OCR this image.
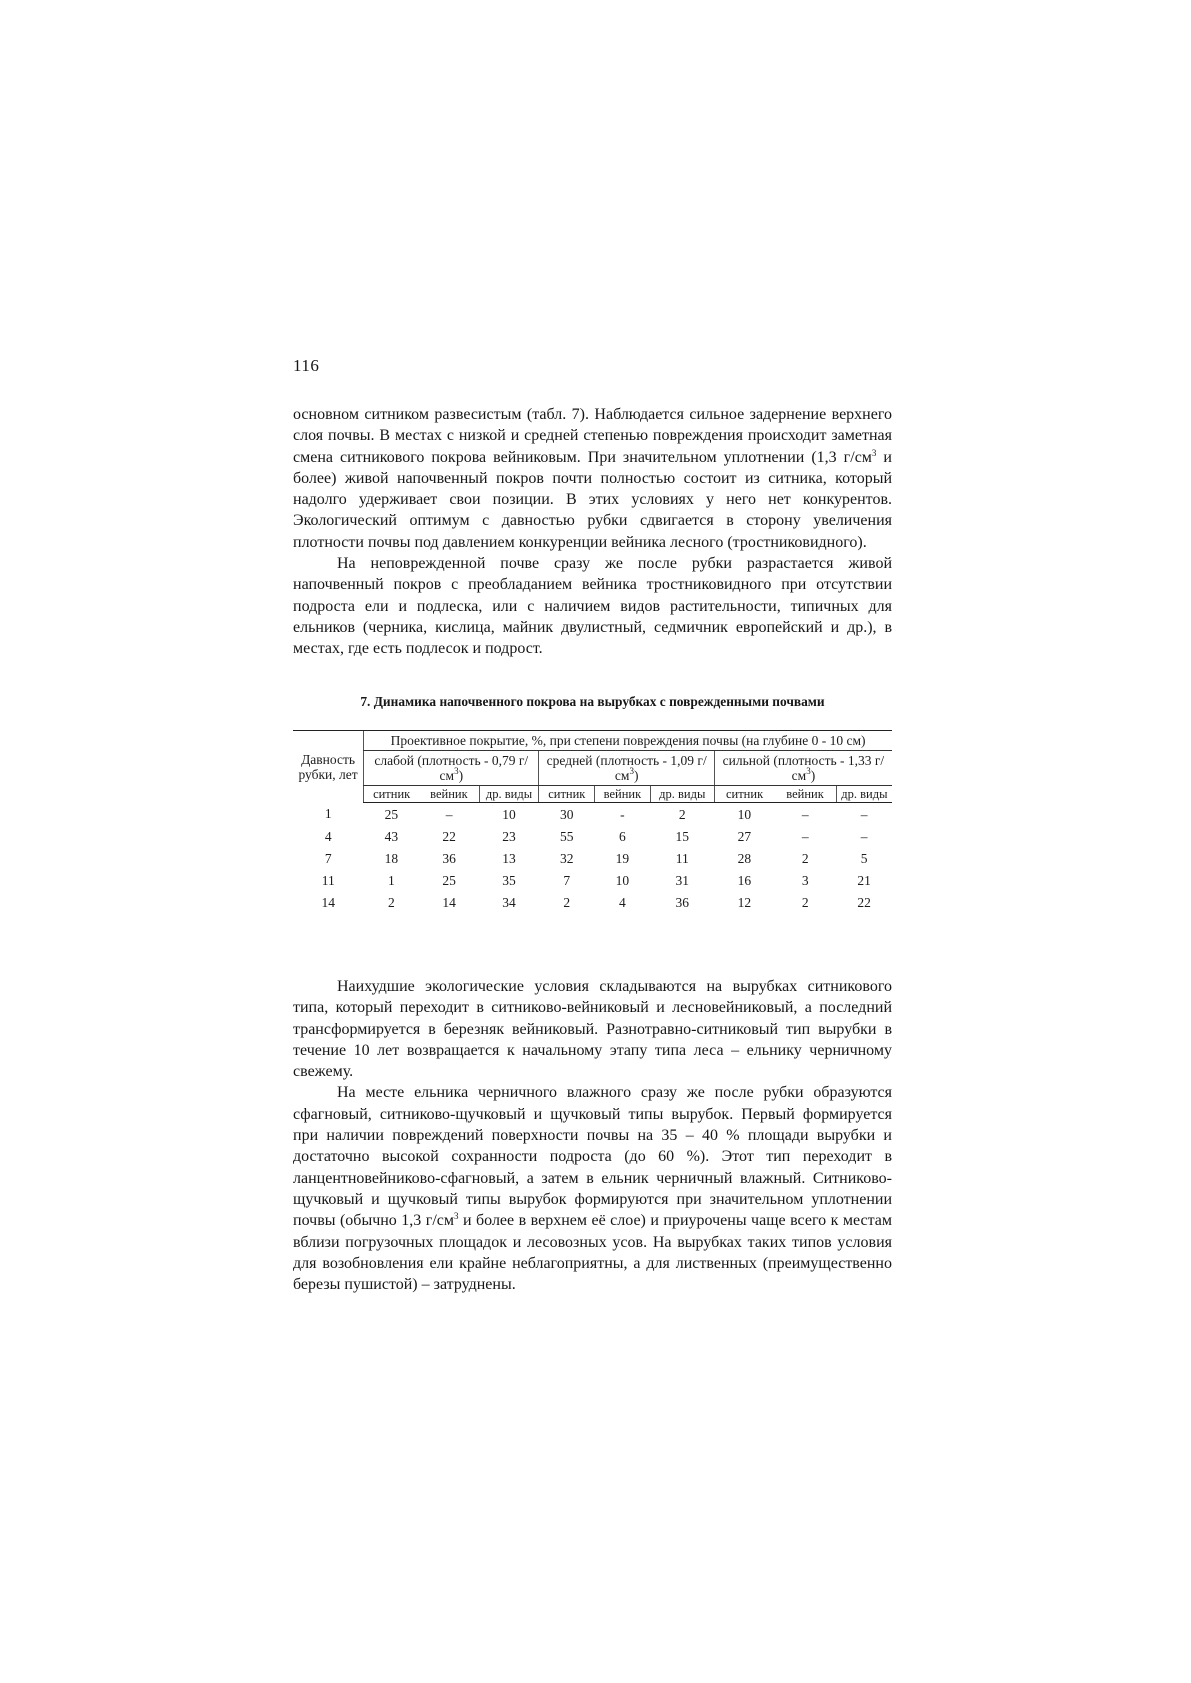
116

основном ситником развесистым (табл. 7). Наблюдается сильное задернение верхнего слоя почвы. В местах с низкой и средней степенью повреждения происходит заметная смена ситникового покрова вейниковым. При значительном уплотнении (1,3 $г/см^3$ и более) живой напочвенный покров почти полностью состоит из ситника, который надолго удерживает свои позиции. В этих условиях у него нет конкурентов. Экологический оптимум с давностью рубки сдвигается в сторону увеличения плотности почвы под давлением конкуренции вейника лесного (тростниковидного).

На неповрежденной почве сразу же после рубки разрастается живой напочвенный покров с преобладанием вейника тростниковидного при отсутствии подроста ели и подлеска, или с наличием видов растительности, типичных для ельников (черника, кислица, майник двулистный, седмичник европейский и др.), в местах, где есть подлесок и подрост.

7. Динамика напочвенного покрова на вырубках с поврежденными почвами
Давность рубки, лет	Проективное покрытие, %, при степени повреждения почвы (на глубине 0 - 10 см)								
	слабой (плотность - 0,79 $г/см^3$)			средней (плотность - 1,09 $г/см^3$)			сильной (плотность - 1,33 $г/см^3$)		
	ситник	вейник	др. виды	ситник	вейник	др. виды	ситник	вейник	др. виды
1	25	–	10	30	-	2	10	–	–
4	43	22	23	55	6	15	27	–	–
7	18	36	13	32	19	11	28	2	5
11	1	25	35	7	10	31	16	3	21
14	2	14	34	2	4	36	12	2	22

Наихудшие экологические условия складываются на вырубках ситникового типа, который переходит в ситниково-вейниковый и лесновейниковый, а последний трансформируется в березняк вейниковый. Разнотравно-ситниковый тип вырубки в течение 10 лет возвращается к начальному этапу типа леса – ельнику черничному свежему.

На месте ельника черничного влажного сразу же после рубки образуются сфагновый, ситниково-щучковый и щучковый типы вырубок. Первый формируется при наличии повреждений поверхности почвы на 35 – 40 % площади вырубки и достаточно высокой сохранности подроста (до 60 %). Этот тип переходит в ланцентновейниково-сфагновый, а затем в ельник черничный влажный. Ситниково-щучковый и щучковый типы вырубок формируются при значительном уплотнении почвы (обычно 1,3 $г/см^3$ и более в верхнем её слое) и приурочены чаще всего к местам вблизи погрузочных площадок и лесовозных усов. На вырубках таких типов условия для возобновления ели крайне неблагоприятны, а для лиственных (преимущественно березы пушистой) – затруднены.
